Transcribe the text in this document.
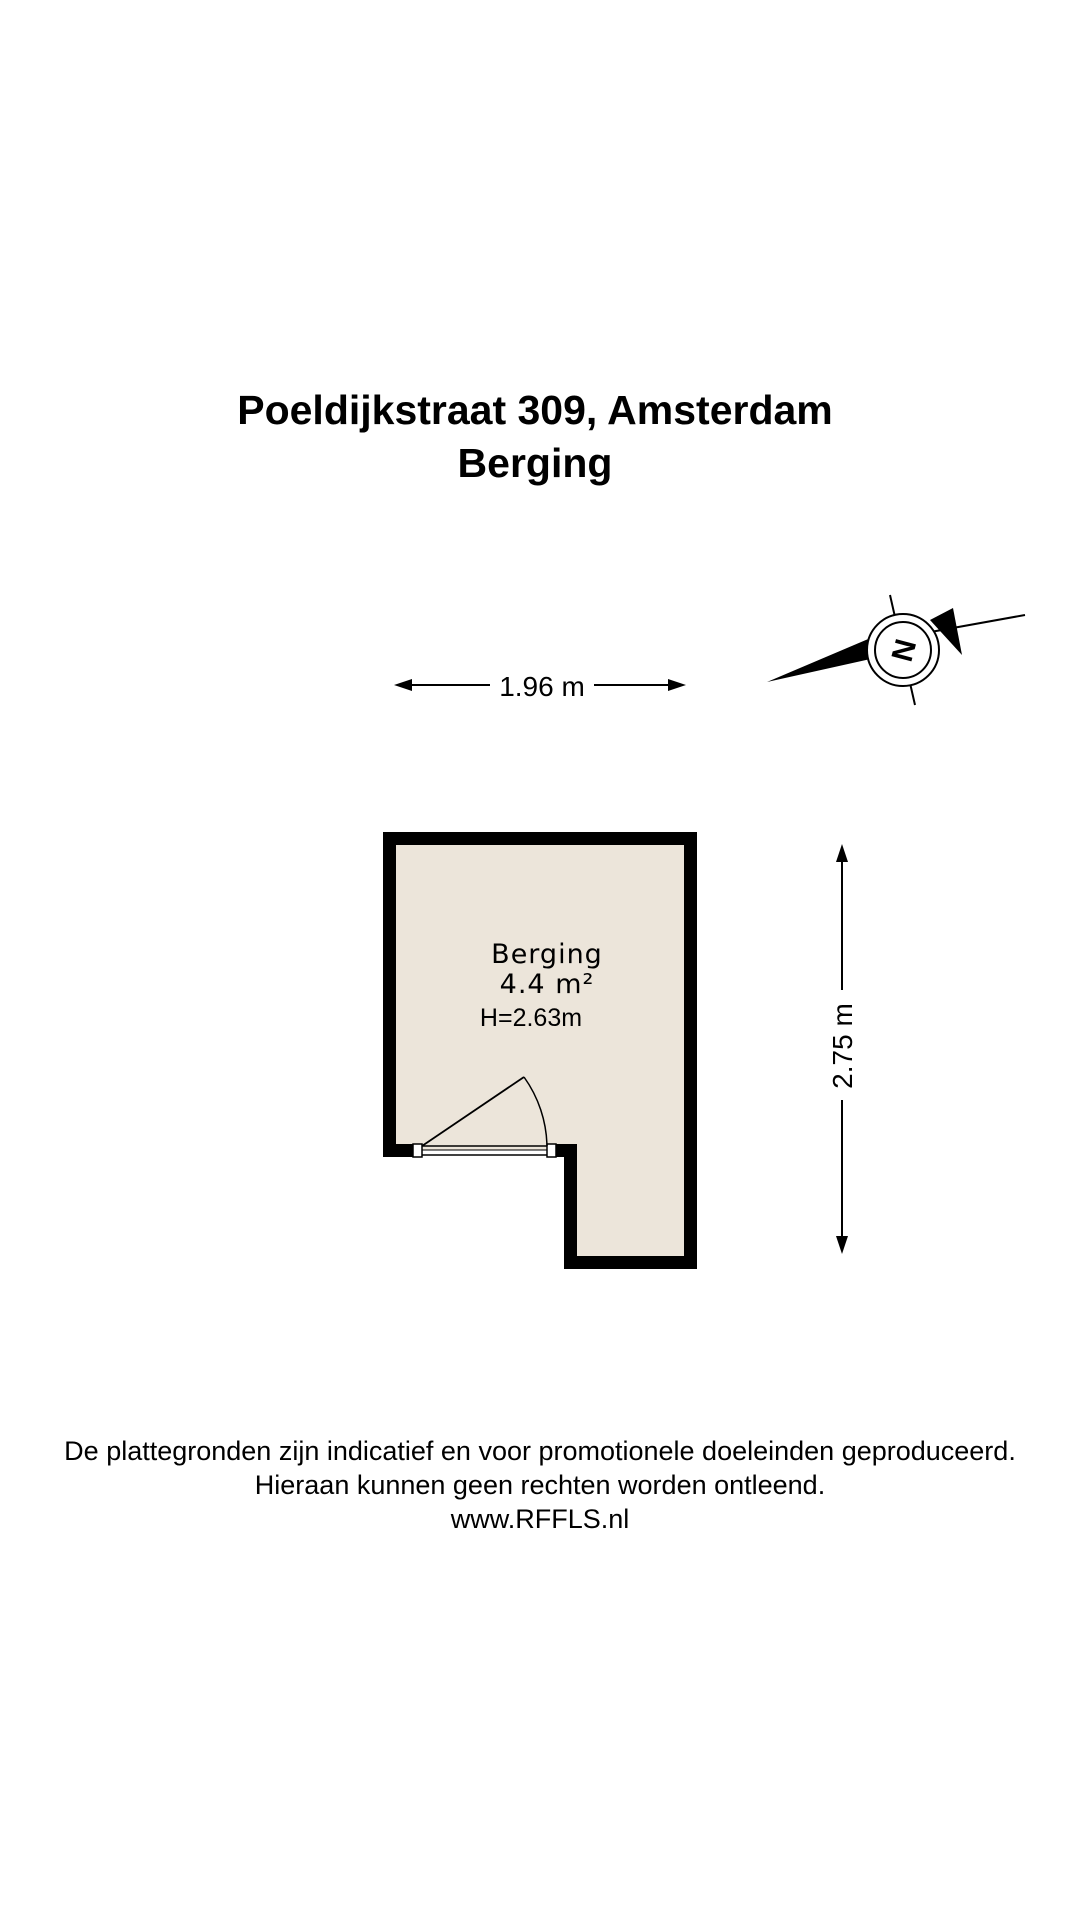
Poeldijkstraat 309, Amsterdam
Berging
1.96 m
N
Berging
4.4 m²
H=2.63m	2.75 m
De plattegronden zijn indicatief en voor promotionele doeleinden geproduceerd.
Hieraan kunnen geen rechten worden ontleend.
www.RFFLS.nl
